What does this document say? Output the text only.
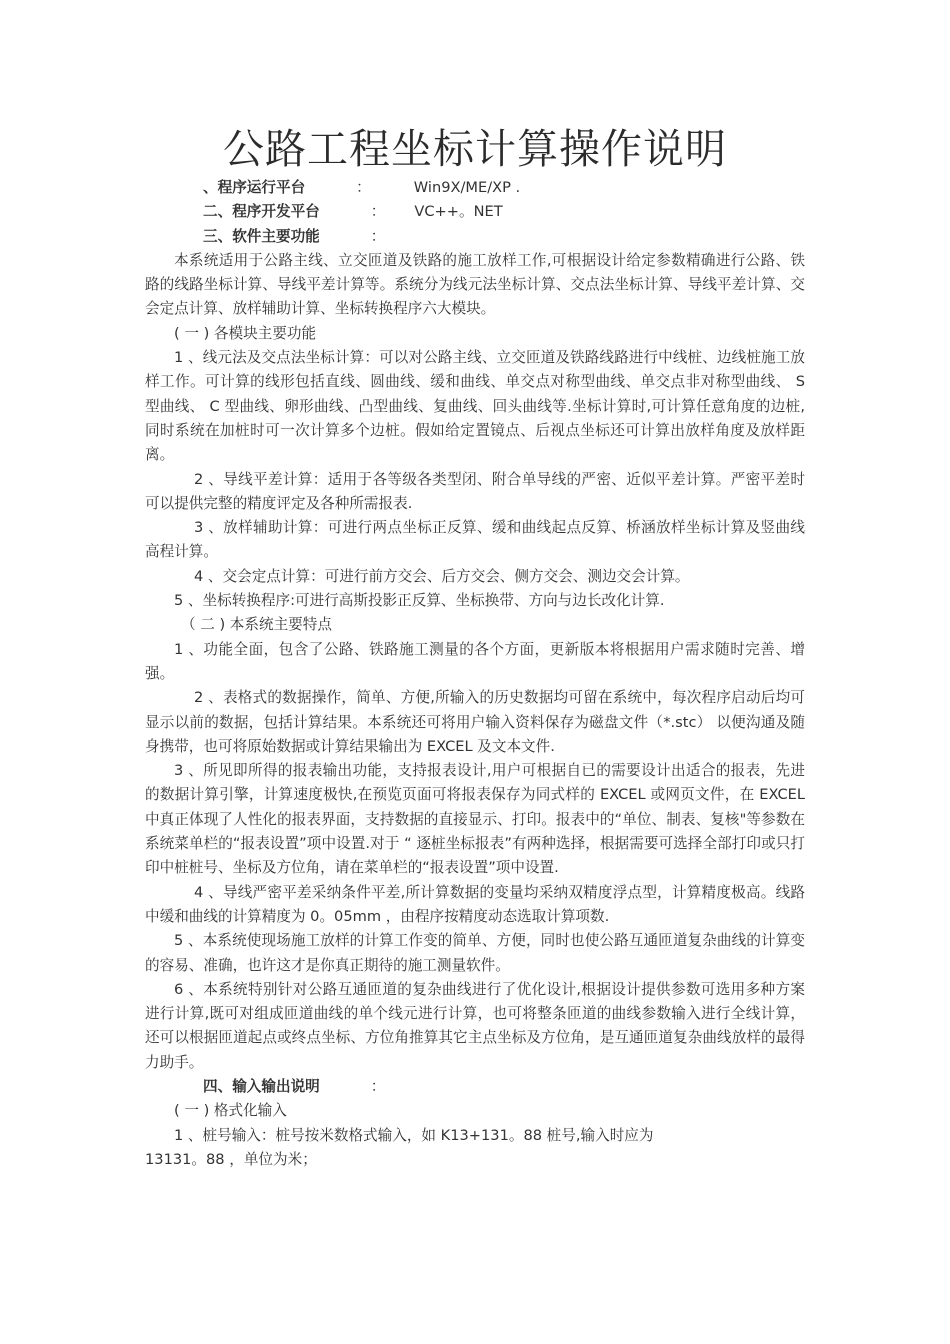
公路工程坐标计算操作说明
、程序运行平台	：	Win9X/ME/XP .
二、程序开发平台	： VC++。NET
三、软件主要功能	：

本系统适用于公路主线、立交匝道及铁路的施工放样工作,可根据设计给定参数精确进行公路、铁路的线路坐标计算、导线平差计算等。系统分为线元法坐标计算、交点法坐标计算、导线平差计算、交会定点计算、放样辅助计算、坐标转换程序六大模块。

( 一 ) 各模块主要功能

1 、线元法及交点法坐标计算：可以对公路主线、立交匝道及铁路线路进行中线桩、边线桩施工放样工作。可计算的线形包括直线、圆曲线、缓和曲线、单交点对称型曲线、单交点非对称型曲线、 S 型曲线、 C 型曲线、卵形曲线、凸型曲线、复曲线、回头曲线等.坐标计算时,可计算任意角度的边桩,同时系统在加桩时可一次计算多个边桩。假如给定置镜点、后视点坐标还可计算出放样角度及放样距离。

2 、导线平差计算：适用于各等级各类型闭、附合单导线的严密、近似平差计算。严密平差时可以提供完整的精度评定及各种所需报表.

3 、放样辅助计算：可进行两点坐标正反算、缓和曲线起点反算、桥涵放样坐标计算及竖曲线高程计算。

4 、交会定点计算：可进行前方交会、后方交会、侧方交会、测边交会计算。

5 、坐标转换程序:可进行高斯投影正反算、坐标换带、方向与边长改化计算.

（ 二 ) 本系统主要特点

1 、功能全面，包含了公路、铁路施工测量的各个方面，更新版本将根据用户需求随时完善、增强。

2 、表格式的数据操作，简单、方便,所输入的历史数据均可留在系统中，每次程序启动后均可显示以前的数据，包括计算结果。本系统还可将用户输入资料保存为磁盘文件（*.stc） 以便沟通及随身携带，也可将原始数据或计算结果输出为 EXCEL 及文本文件.

3 、所见即所得的报表输出功能，支持报表设计,用户可根据自已的需要设计出适合的报表，先进的数据计算引擎，计算速度极快,在预览页面可将报表保存为同式样的 EXCEL 或网页文件，在 EXCEL 中真正体现了人性化的报表界面，支持数据的直接显示、打印。报表中的“单位、制表、复核"等参数在系统菜单栏的“报表设置”项中设置.对于 “ 逐桩坐标报表”有两种选择，根据需要可选择全部打印或只打印中桩桩号、坐标及方位角，请在菜单栏的“报表设置”项中设置.

4 、导线严密平差采纳条件平差,所计算数据的变量均采纳双精度浮点型，计算精度极高。线路中缓和曲线的计算精度为 0。05mm ，由程序按精度动态选取计算项数.

5 、本系统使现场施工放样的计算工作变的简单、方便，同时也使公路互通匝道复杂曲线的计算变的容易、准确，也许这才是你真正期待的施工测量软件。

6 、本系统特别针对公路互通匝道的复杂曲线进行了优化设计,根据设计提供参数可选用多种方案进行计算,既可对组成匝道曲线的单个线元进行计算，也可将整条匝道的曲线参数输入进行全线计算，还可以根据匝道起点或终点坐标、方位角推算其它主点坐标及方位角，是互通匝道复杂曲线放样的最得力助手。

四、输入输出说明	：

( 一 ) 格式化输入

1 、桩号输入：桩号按米数格式输入，如 K13+131。88 桩号,输入时应为
13131。88 ，单位为米；
